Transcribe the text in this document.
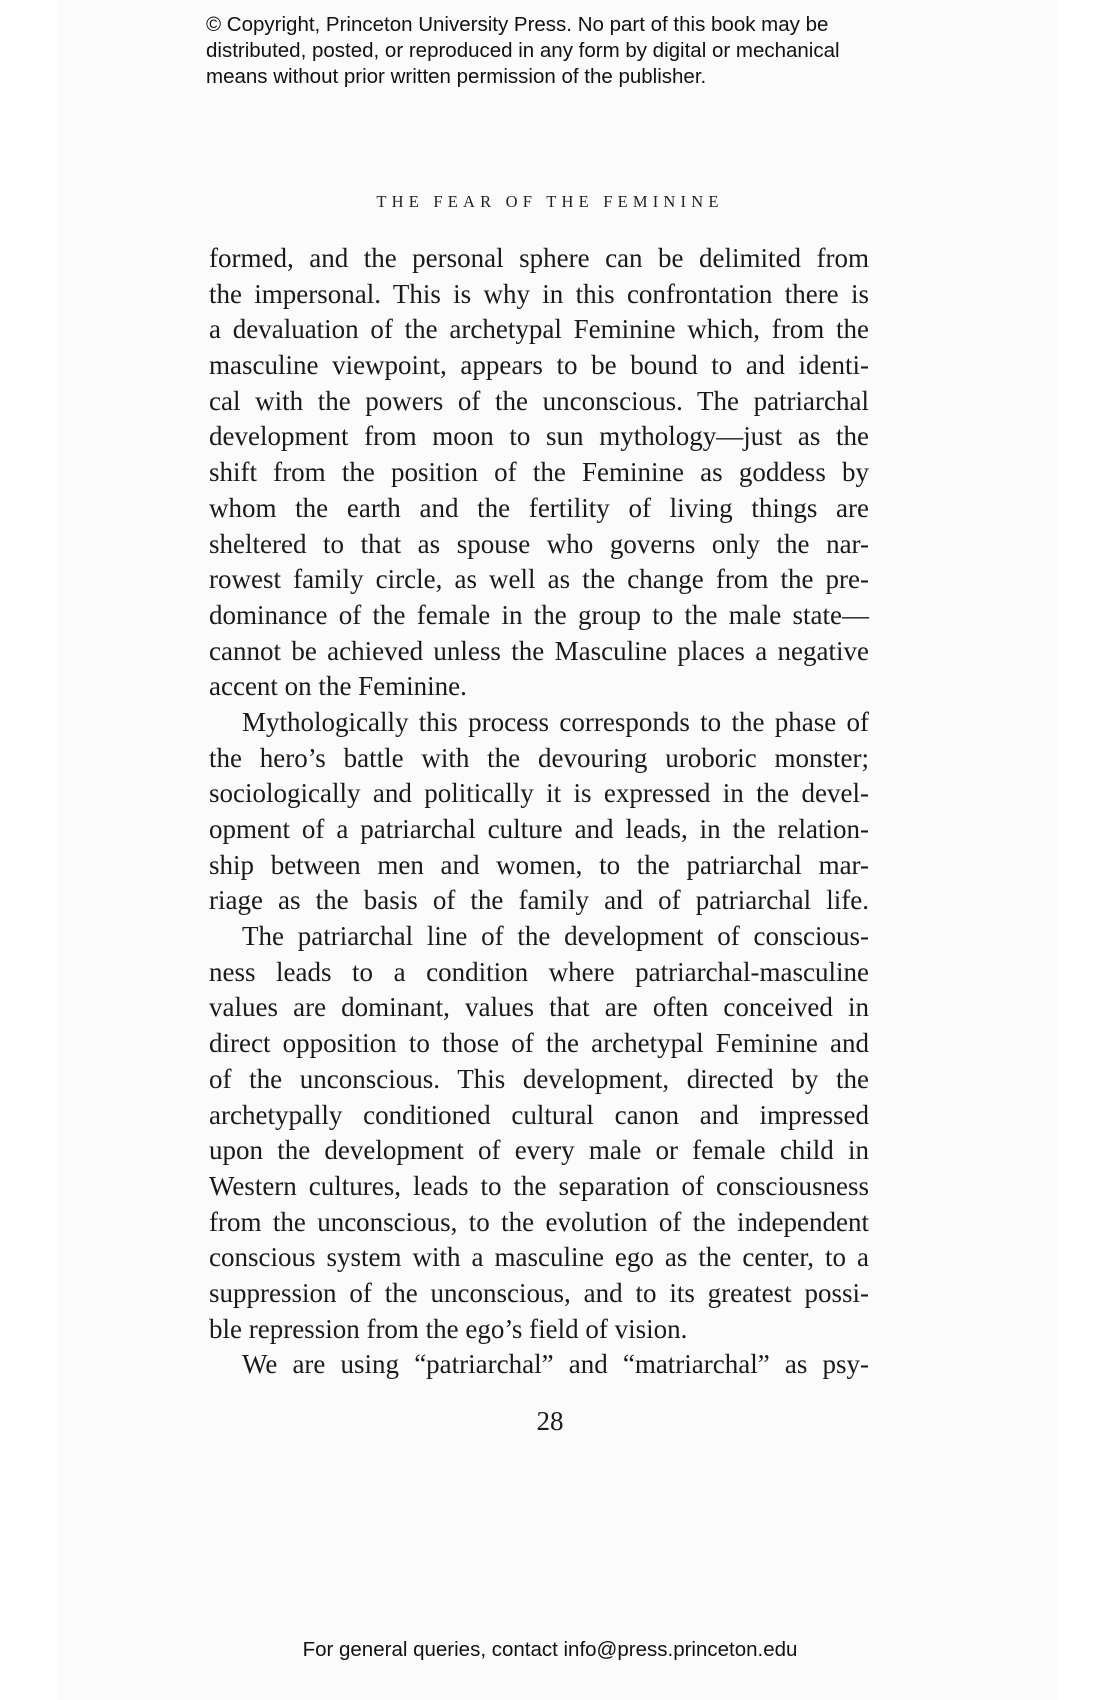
© Copyright, Princeton University Press. No part of this book may be
distributed, posted, or reproduced in any form by digital or mechanical
means without prior written permission of the publisher.
THE FEAR OF THE FEMININE
formed, and the personal sphere can be delimited from
the impersonal. This is why in this confrontation there is
a devaluation of the archetypal Feminine which, from the
masculine viewpoint, appears to be bound to and identi-
cal with the powers of the unconscious. The patriarchal
development from moon to sun mythology—just as the
shift from the position of the Feminine as goddess by
whom the earth and the fertility of living things are
sheltered to that as spouse who governs only the nar-
rowest family circle, as well as the change from the pre-
dominance of the female in the group to the male state—
cannot be achieved unless the Masculine places a negative
accent on the Feminine.
Mythologically this process corresponds to the phase of
the hero’s battle with the devouring uroboric monster;
sociologically and politically it is expressed in the devel-
opment of a patriarchal culture and leads, in the relation-
ship between men and women, to the patriarchal mar-
riage as the basis of the family and of patriarchal life.
The patriarchal line of the development of conscious-
ness leads to a condition where patriarchal-masculine
values are dominant, values that are often conceived in
direct opposition to those of the archetypal Feminine and
of the unconscious. This development, directed by the
archetypally conditioned cultural canon and impressed
upon the development of every male or female child in
Western cultures, leads to the separation of consciousness
from the unconscious, to the evolution of the independent
conscious system with a masculine ego as the center, to a
suppression of the unconscious, and to its greatest possi-
ble repression from the ego’s field of vision.
We are using “patriarchal” and “matriarchal” as psy-
28
For general queries, contact info@press.princeton.edu
